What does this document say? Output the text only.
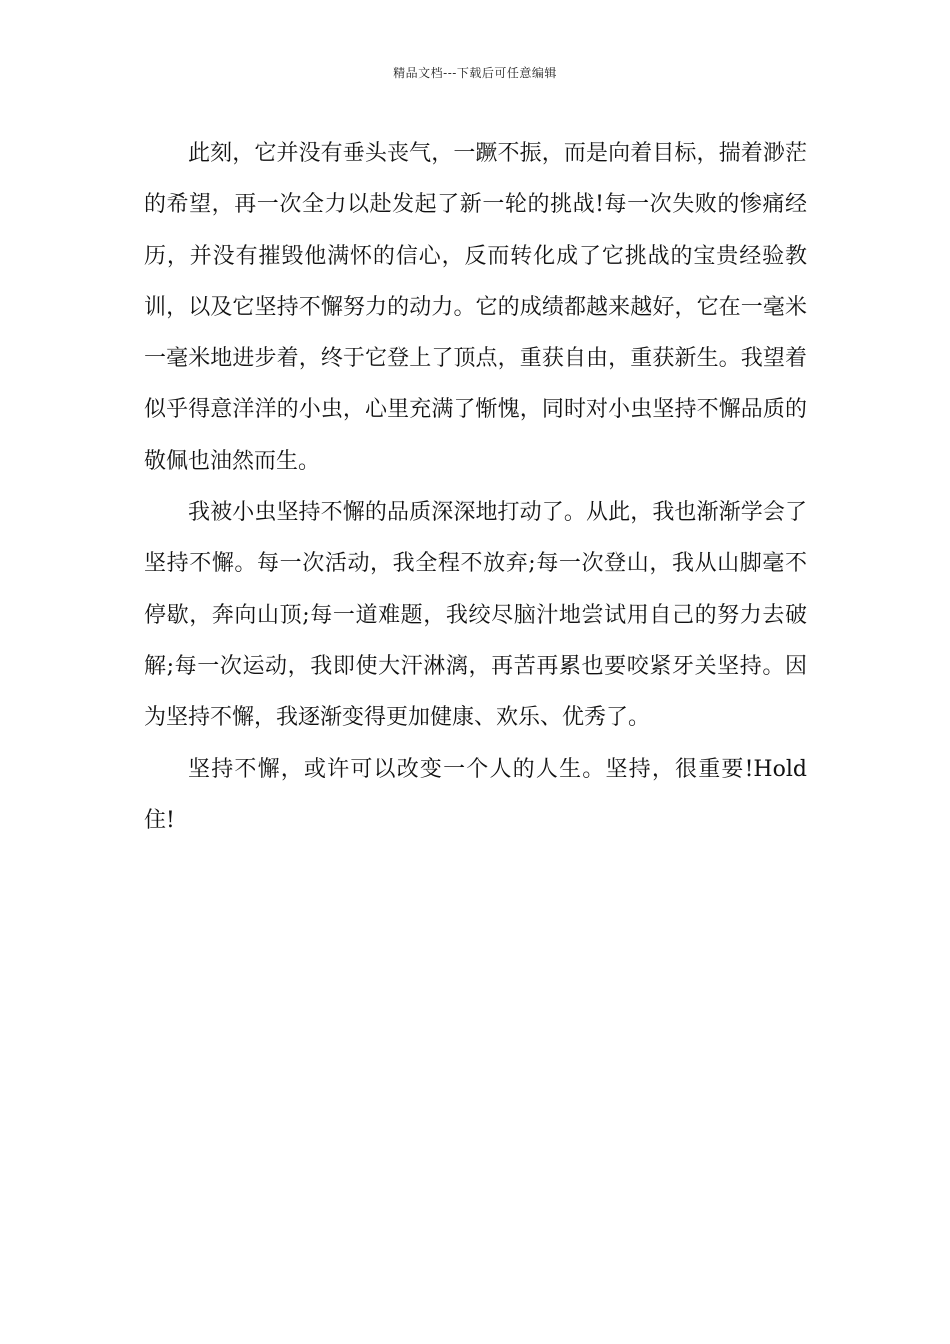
精品文档---下载后可任意编辑

此刻，它并没有垂头丧气，一蹶不振，而是向着目标，揣着渺茫的希望，再一次全力以赴发起了新一轮的挑战!每一次失败的惨痛经历，并没有摧毁他满怀的信心，反而转化成了它挑战的宝贵经验教训，以及它坚持不懈努力的动力。它的成绩都越来越好，它在一毫米一毫米地进步着，终于它登上了顶点，重获自由，重获新生。我望着似乎得意洋洋的小虫，心里充满了惭愧，同时对小虫坚持不懈品质的敬佩也油然而生。

我被小虫坚持不懈的品质深深地打动了。从此，我也渐渐学会了坚持不懈。每一次活动，我全程不放弃;每一次登山，我从山脚毫不停歇，奔向山顶;每一道难题，我绞尽脑汁地尝试用自己的努力去破解;每一次运动，我即使大汗淋漓，再苦再累也要咬紧牙关坚持。因为坚持不懈，我逐渐变得更加健康、欢乐、优秀了。

坚持不懈，或许可以改变一个人的人生。坚持，很重要!Hold住!
